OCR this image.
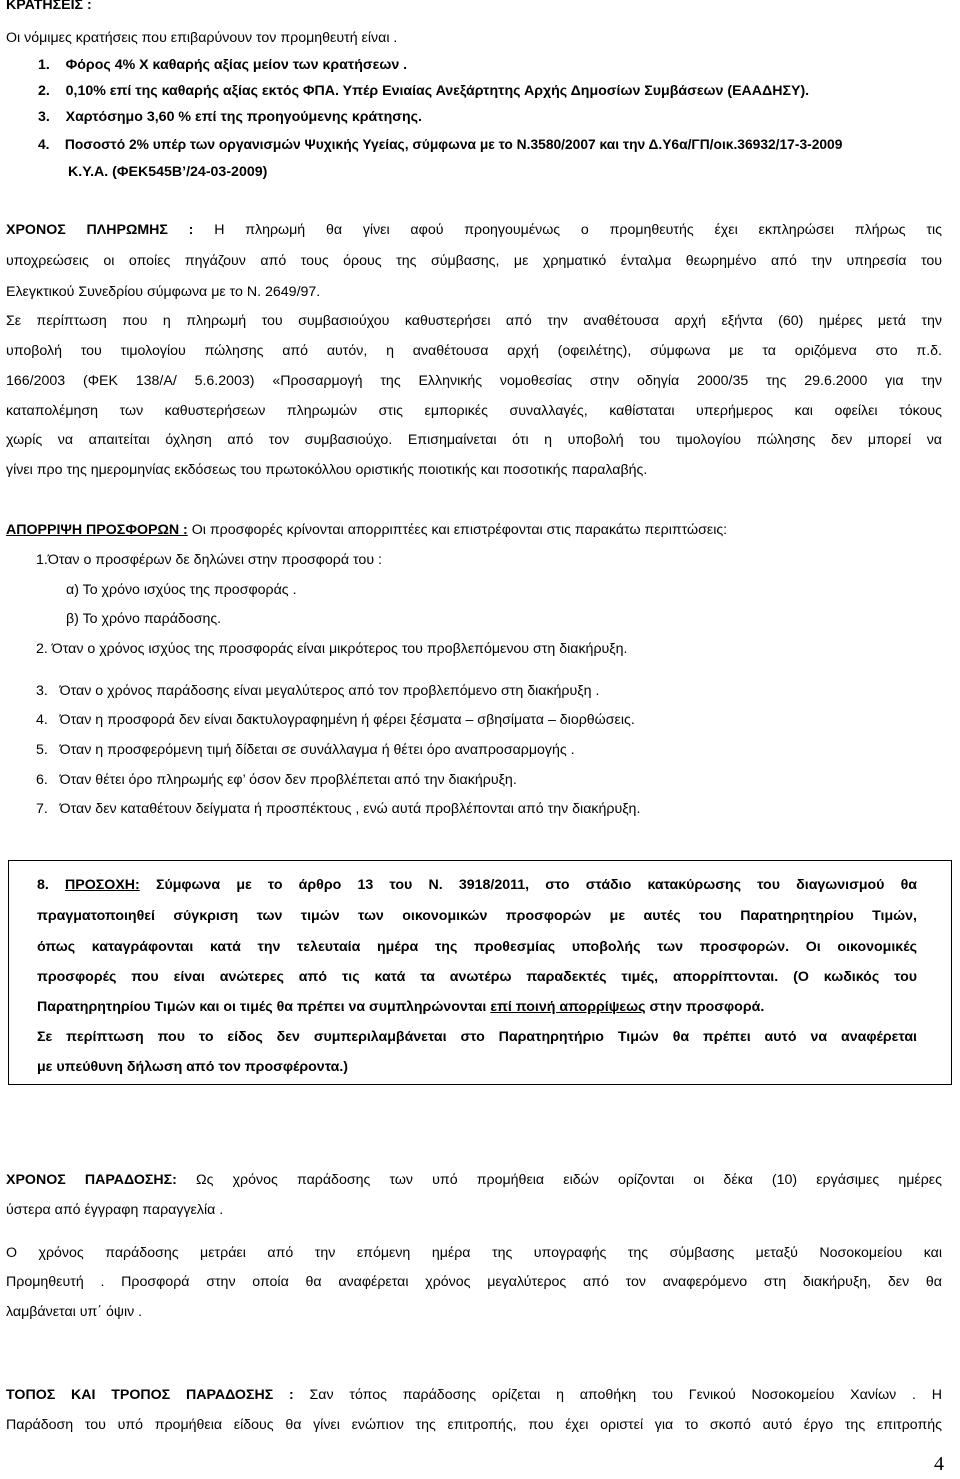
ΚΡΑΤΗΣΕΙΣ :
Οι νόμιμες κρατήσεις που επιβαρύνουν τον προμηθευτή είναι .
1. Φόρος 4% Χ καθαρής αξίας μείον των κρατήσεων .
2. 0,10% επί της καθαρής αξίας εκτός ΦΠΑ. Υπέρ Ενιαίας Ανεξάρτητης Αρχής Δημοσίων Συμβάσεων (ΕΑΑΔΗΣΥ).
3. Χαρτόσημο 3,60 % επί της προηγούμενης κράτησης.
4. Ποσοστό 2% υπέρ των οργανισμών Ψυχικής Υγείας, σύμφωνα με το Ν.3580/2007 και την Δ.Υ6α/ΓΠ/οικ.36932/17-3-2009
Κ.Υ.Α. (ΦΕΚ545Β’/24-03-2009)
ΧΡΟΝΟΣ ΠΛΗΡΩΜΗΣ : Η πληρωμή θα γίνει αφού προηγουμένως ο προμηθευτής έχει εκπληρώσει πλήρως τις
υποχρεώσεις οι οποίες πηγάζουν από τους όρους της σύμβασης, με χρηματικό ένταλμα θεωρημένο από την υπηρεσία του
Ελεγκτικού Συνεδρίου σύμφωνα με το Ν. 2649/97.
Σε περίπτωση που η πληρωμή του συμβασιούχου καθυστερήσει από την αναθέτουσα αρχή εξήντα (60) ημέρες μετά την
υποβολή του τιμολογίου πώλησης από αυτόν, η αναθέτουσα αρχή (οφειλέτης), σύμφωνα με τα οριζόμενα στο π.δ.
166/2003 (ΦΕΚ 138/Α/ 5.6.2003) «Προσαρμογή της Ελληνικής νομοθεσίας στην οδηγία 2000/35 της 29.6.2000 για την
καταπολέμηση των καθυστερήσεων πληρωμών στις εμπορικές συναλλαγές, καθίσταται υπερήμερος και οφείλει τόκους
χωρίς να απαιτείται όχληση από τον συμβασιούχο. Επισημαίνεται ότι η υποβολή του τιμολογίου πώλησης δεν μπορεί να
γίνει προ της ημερομηνίας εκδόσεως του πρωτοκόλλου οριστικής ποιοτικής και ποσοτικής παραλαβής.
ΑΠΟΡΡΙΨΗ ΠΡΟΣΦΟΡΩΝ : Οι προσφορές κρίνονται απορριπτέες και επιστρέφονται στις παρακάτω περιπτώσεις:
1.Όταν ο προσφέρων δε δηλώνει στην προσφορά του :
α) Το χρόνο ισχύος της προσφοράς .
β) Το χρόνο παράδοσης.
2. Όταν ο χρόνος ισχύος της προσφοράς είναι μικρότερος του προβλεπόμενου στη διακήρυξη.
3. Όταν ο χρόνος παράδοσης είναι μεγαλύτερος από τον προβλεπόμενο στη διακήρυξη .
4. Όταν η προσφορά δεν είναι δακτυλογραφημένη ή φέρει ξέσματα – σβησίματα – διορθώσεις.
5. Όταν η προσφερόμενη τιμή δίδεται σε συνάλλαγμα ή θέτει όρο αναπροσαρμογής .
6. Όταν θέτει όρο πληρωμής εφ’ όσον δεν προβλέπεται από την διακήρυξη.
7. Όταν δεν καταθέτουν δείγματα ή προσπέκτους , ενώ αυτά προβλέπονται από την διακήρυξη.
8. ΠΡΟΣΟΧΗ: Σύμφωνα με το άρθρο 13 του Ν. 3918/2011, στο στάδιο κατακύρωσης του διαγωνισμού θα
πραγματοποιηθεί σύγκριση των τιμών των οικονομικών προσφορών με αυτές του Παρατηρητηρίου Τιμών,
όπως καταγράφονται κατά την τελευταία ημέρα της προθεσμίας υποβολής των προσφορών. Οι οικονομικές
προσφορές που είναι ανώτερες από τις κατά τα ανωτέρω παραδεκτές τιμές, απορρίπτονται. (Ο κωδικός του
Παρατηρητηρίου Τιμών και οι τιμές θα πρέπει να συμπληρώνονται επί ποινή απορρίψεως στην προσφορά.
Σε περίπτωση που το είδος δεν συμπεριλαμβάνεται στο Παρατηρητήριο Τιμών θα πρέπει αυτό να αναφέρεται
με υπεύθυνη δήλωση από τον προσφέροντα.)
ΧΡΟΝΟΣ ΠΑΡΑΔΟΣΗΣ: Ως χρόνος παράδοσης των υπό προμήθεια ειδών ορίζονται οι δέκα (10) εργάσιμες ημέρες
ύστερα από έγγραφη παραγγελία .
Ο χρόνος παράδοσης μετράει από την επόμενη ημέρα της υπογραφής της σύμβασης μεταξύ Νοσοκομείου και
Προμηθευτή . Προσφορά στην οποία θα αναφέρεται χρόνος μεγαλύτερος από τον αναφερόμενο στη διακήρυξη, δεν θα
λαμβάνεται υπ΄ όψιν .
ΤΟΠΟΣ ΚΑΙ ΤΡΟΠΟΣ ΠΑΡΑΔΟΣΗΣ : Σαν τόπος παράδοσης ορίζεται η αποθήκη του Γενικού Νοσοκομείου Χανίων . Η
Παράδοση του υπό προμήθεια είδους θα γίνει ενώπιον της επιτροπής, που έχει οριστεί για το σκοπό αυτό έργο της επιτροπής
4
